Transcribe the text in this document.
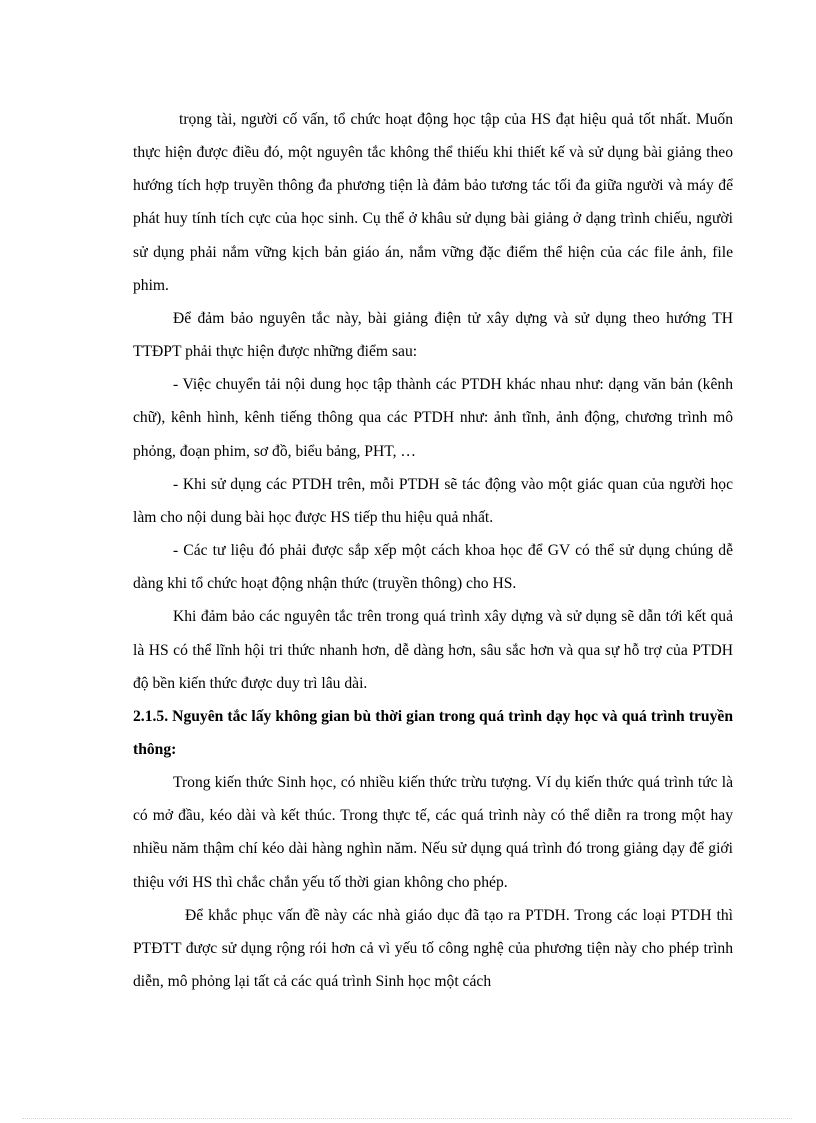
trọng tài, người cố vấn, tổ chức hoạt động học tập của HS đạt hiệu quả tốt nhất. Muốn thực hiện được điều đó, một nguyên tắc không thể thiếu khi thiết kế và sử dụng bài giảng theo hướng tích hợp truyền thông đa phương tiện là đảm bảo tương tác tối đa giữa người và máy để phát huy tính tích cực của học sinh. Cụ thể ở khâu sử dụng bài giảng ở dạng trình chiếu, người sử dụng phải nắm vững kịch bản giáo án, nắm vững đặc điểm thể hiện của các file ảnh, file phim.

Để đảm bảo nguyên tắc này, bài giảng điện tử xây dựng và sử dụng theo hướng TH TTĐPT phải thực hiện được những điểm sau:

- Việc chuyển tải nội dung học tập thành các PTDH khác nhau như: dạng văn bản (kênh chữ), kênh hình, kênh tiếng thông qua các PTDH như: ảnh tĩnh, ảnh động, chương trình mô phỏng, đoạn phim, sơ đồ, biểu bảng, PHT, …

- Khi sử dụng các PTDH trên, mỗi PTDH sẽ tác động vào một giác quan của người học làm cho nội dung bài học được HS tiếp thu hiệu quả nhất.

- Các tư liệu đó phải được sắp xếp một cách khoa học để GV có thể sử dụng chúng dễ dàng khi tổ chức hoạt động nhận thức (truyền thông) cho HS.

Khi đảm bảo các nguyên tắc trên trong quá trình xây dựng và sử dụng sẽ dẫn tới kết quả là HS có thể lĩnh hội tri thức nhanh hơn, dễ dàng hơn, sâu sắc hơn và qua sự hỗ trợ của PTDH độ bền kiến thức được duy trì lâu dài.

2.1.5. Nguyên tắc lấy không gian bù thời gian trong quá trình dạy học và quá trình truyền thông:

Trong kiến thức Sinh học, có nhiều kiến thức trừu tượng. Ví dụ kiến thức quá trình tức là có mở đầu, kéo dài và kết thúc. Trong thực tế, các quá trình này có thể diễn ra trong một hay nhiều năm thậm chí kéo dài hàng nghìn năm. Nếu sử dụng quá trình đó trong giảng dạy để giới thiệu với HS thì chắc chắn yếu tố thời gian không cho phép.

Để khắc phục vấn đề này các nhà giáo dục đã tạo ra PTDH. Trong các loại PTDH thì PTĐTT được sử dụng rộng rói hơn cả vì yếu tố công nghệ của phương tiện này cho phép trình diễn, mô phỏng lại tất cả các quá trình Sinh học một cách
